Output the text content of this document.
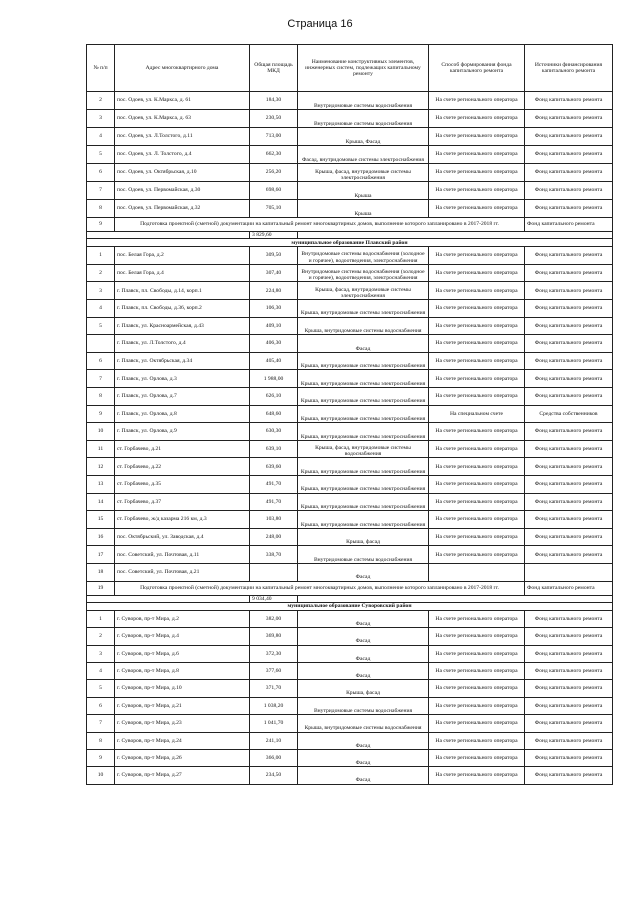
Страница 16
№ п/п	Адрес многоквартирного дома	Общая площадь МКД	Наименование конструктивных элементов, инженерных систем, подлежащих капитальному ремонту	Способ формирования фонда капитального ремонта	Источники финансирования капитального ремонта
2	пос. Одоев, ул. К.Маркса, д. 61	184,30	Внутридомовые системы водоснабжения	На счете регионального оператора	Фонд капитального ремонта
3	пос. Одоев, ул. К.Маркса, д. 63	230,50	Внутридомовые системы водоснабжения	На счете регионального оператора	Фонд капитального ремонта
4	пос. Одоев, ул. Л.Толстого, д.11	713,00	Крыша, Фасад	На счете регионального оператора	Фонд капитального ремонта
5	пос. Одоев, ул. Л. Толстого, д.4	662,30	Фасад, внутридомовые системы электроснабжения	На счете регионального оператора	Фонд капитального ремонта
6	пос. Одоев, ул. Октябрьская, д.10	256,20	Крыша, фасад, внутридомовые системы электроснабжения	На счете регионального оператора	Фонд капитального ремонта
7	пос. Одоев, ул. Первомайская, д.30	698,60	Крыша	На счете регионального оператора	Фонд капитального ремонта
8	пос. Одоев, ул. Первомайская, д.32	705,10	Крыша	На счете регионального оператора	Фонд капитального ремонта
9	Подготовка проектной (сметной) документации на капитальный ремонт многоквартирных домов, выполнение которого запланировано в 2017-2018 гг.				Фонд капитального ремонта
		3 829,60			
муниципальное образование Плавский район					
1	пос. Белая Гора, д.2	309,50	Внутридомовые системы водоснабжения (холодное и горячее), водоотведения, электроснабжения	На счете регионального оператора	Фонд капитального ремонта
2	пос. Белая Гора, д.4	307,40	Внутридомовые системы водоснабжения (холодное и горячее), водоотведения, электроснабжения	На счете регионального оператора	Фонд капитального ремонта
3	г. Плавск, пл. Свободы, д.14, корп.1	224,80	Крыша, фасад, внутридомовые системы электроснабжения	На счете регионального оператора	Фонд капитального ремонта
4	г. Плавск, пл. Свободы, д.36, корп.2	106,30	Крыша, внутридомовые системы электроснабжения	На счете регионального оператора	Фонд капитального ремонта
5	г. Плавск, ул. Красноармейская, д.43	409,10	Крыша, внутридомовые системы водоснабжения	На счете регионального оператора	Фонд капитального ремонта
	г. Плавск, ул. Л.Толстого, д.4	406,30	Фасад	На счете регионального оператора	Фонд капитального ремонта
6	г. Плавск, ул. Октябрьская, д.34	405,40	Крыша, внутридомовые системы электроснабжения	На счете регионального оператора	Фонд капитального ремонта
7	г. Плавск, ул. Орлова, д.3	1 988,00	Крыша, внутридомовые системы электроснабжения	На счете регионального оператора	Фонд капитального ремонта
8	г. Плавск, ул. Орлова, д.7	626,10	Крыша, внутридомовые системы электроснабжения	На счете регионального оператора	Фонд капитального ремонта
9	г. Плавск, ул. Орлова, д.8	648,60	Крыша, внутридомовые системы электроснабжения	На специальном счете	Средства собственников
10	г. Плавск, ул. Орлова, д.9	630,30	Крыша, внутридомовые системы электроснабжения	На счете регионального оператора	Фонд капитального ремонта
11	ст. Горбачево, д.21	639,10	Крыша, фасад, внутридомовые системы водоснабжения	На счете регионального оператора	Фонд капитального ремонта
12	ст. Горбачево, д.22	639,60	Крыша, внутридомовые системы электроснабжения	На счете регионального оператора	Фонд капитального ремонта
13	ст. Горбачево, д.35	491,70	Крыша, внутридомовые системы электроснабжения	На счете регионального оператора	Фонд капитального ремонта
14	ст. Горбачево, д.37	491,70	Крыша, внутридомовые системы электроснабжения	На счете регионального оператора	Фонд капитального ремонта
15	ст. Горбачево, ж/д казарма 216 км, д.3	103,80	Крыша, внутридомовые системы электроснабжения	На счете регионального оператора	Фонд капитального ремонта
16	пос. Октябрьский, ул. Заводская, д.4	248,00	Крыша, фасад	На счете регионального оператора	Фонд капитального ремонта
17	пос. Советский, ул. Почтовая, д.11	338,70	Внутридомовые системы водоснабжения	На счете регионального оператора	Фонд капитального ремонта
18	пос. Советский, ул. Почтовая, д.21		Фасад		
19	Подготовка проектной (сметной) документации на капитальный ремонт многоквартирных домов, выполнение которого запланировано в 2017-2018 гг.				Фонд капитального ремонта
		9 034,40			
муниципальное образование Суворовский район					
1	г. Суворов, пр-т Мира, д.2	382,00	Фасад	На счете регионального оператора	Фонд капитального ремонта
2	г. Суворов, пр-т Мира, д.4	369,80	Фасад	На счете регионального оператора	Фонд капитального ремонта
3	г. Суворов, пр-т Мира, д.6	372,30	Фасад	На счете регионального оператора	Фонд капитального ремонта
4	г. Суворов, пр-т Мира, д.8	377,60	Фасад	На счете регионального оператора	Фонд капитального ремонта
5	г. Суворов, пр-т Мира, д.10	371,70	Крыша, фасад	На счете регионального оператора	Фонд капитального ремонта
6	г. Суворов, пр-т Мира, д.21	1 038,20	Внутридомовые системы водоснабжения	На счете регионального оператора	Фонд капитального ремонта
7	г. Суворов, пр-т Мира, д.23	1 041,70	Крыша, внутридомовые системы водоснабжения	На счете регионального оператора	Фонд капитального ремонта
8	г. Суворов, пр-т Мира, д.24	241,10	Фасад	На счете регионального оператора	Фонд капитального ремонта
9	г. Суворов, пр-т Мира, д.26	366,00	Фасад	На счете регионального оператора	Фонд капитального ремонта
10	г. Суворов, пр-т Мира, д.27	234,50	Фасад	На счете регионального оператора	Фонд капитального ремонта
